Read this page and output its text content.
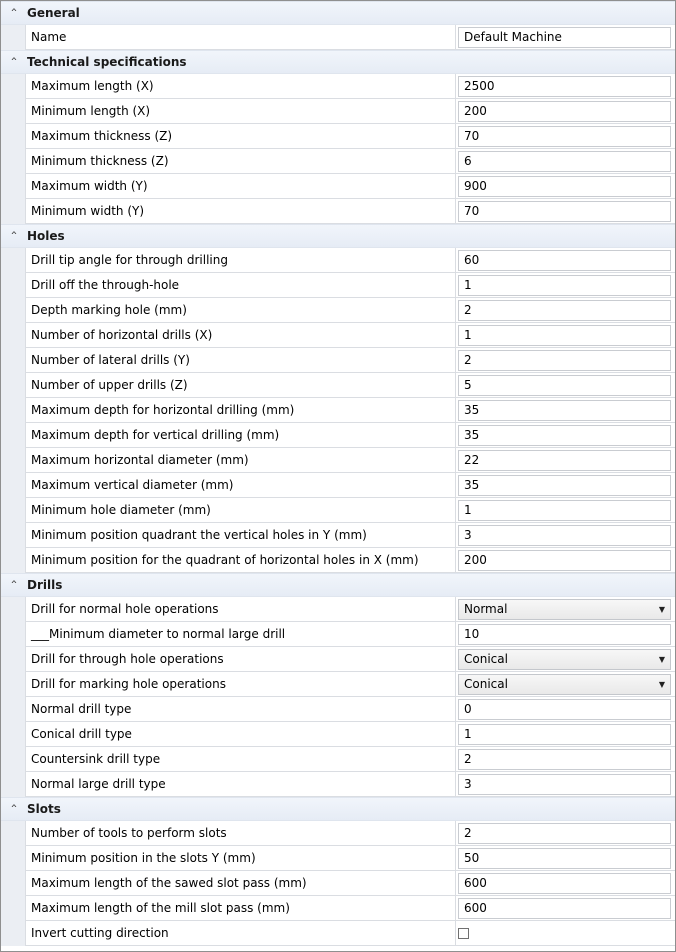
˄ General
Name	Default Machine
˄ Technical specifications
Maximum length (X)	2500
Minimum length (X)	200
Maximum thickness (Z)	70
Minimum thickness (Z)	6
Maximum width (Y)	900
Minimum width (Y)	70
˄ Holes
Drill tip angle for through drilling	60
Drill off the through-hole	1
Depth marking hole (mm)	2
Number of horizontal drills (X)	1
Number of lateral drills (Y)	2
Number of upper drills (Z)	5
Maximum depth for horizontal drilling (mm)	35
Maximum depth for vertical drilling (mm)	35
Maximum horizontal diameter (mm)	22
Maximum vertical diameter (mm)	35
Minimum hole diameter (mm)	1
Minimum position quadrant the vertical holes in Y (mm)	3
Minimum position for the quadrant of horizontal holes in X (mm)	200
˄ Drills
Drill for normal hole operations	Normal	▼
___Minimum diameter to normal large drill	10
Drill for through hole operations	Conical	▼
Drill for marking hole operations	Conical	▼
Normal drill type	0
Conical drill type	1
Countersink drill type	2
Normal large drill type	3
˄ Slots
Number of tools to perform slots	2
Minimum position in the slots Y (mm)	50
Maximum length of the sawed slot pass (mm)	600
Maximum length of the mill slot pass (mm)	600
Invert cutting direction
